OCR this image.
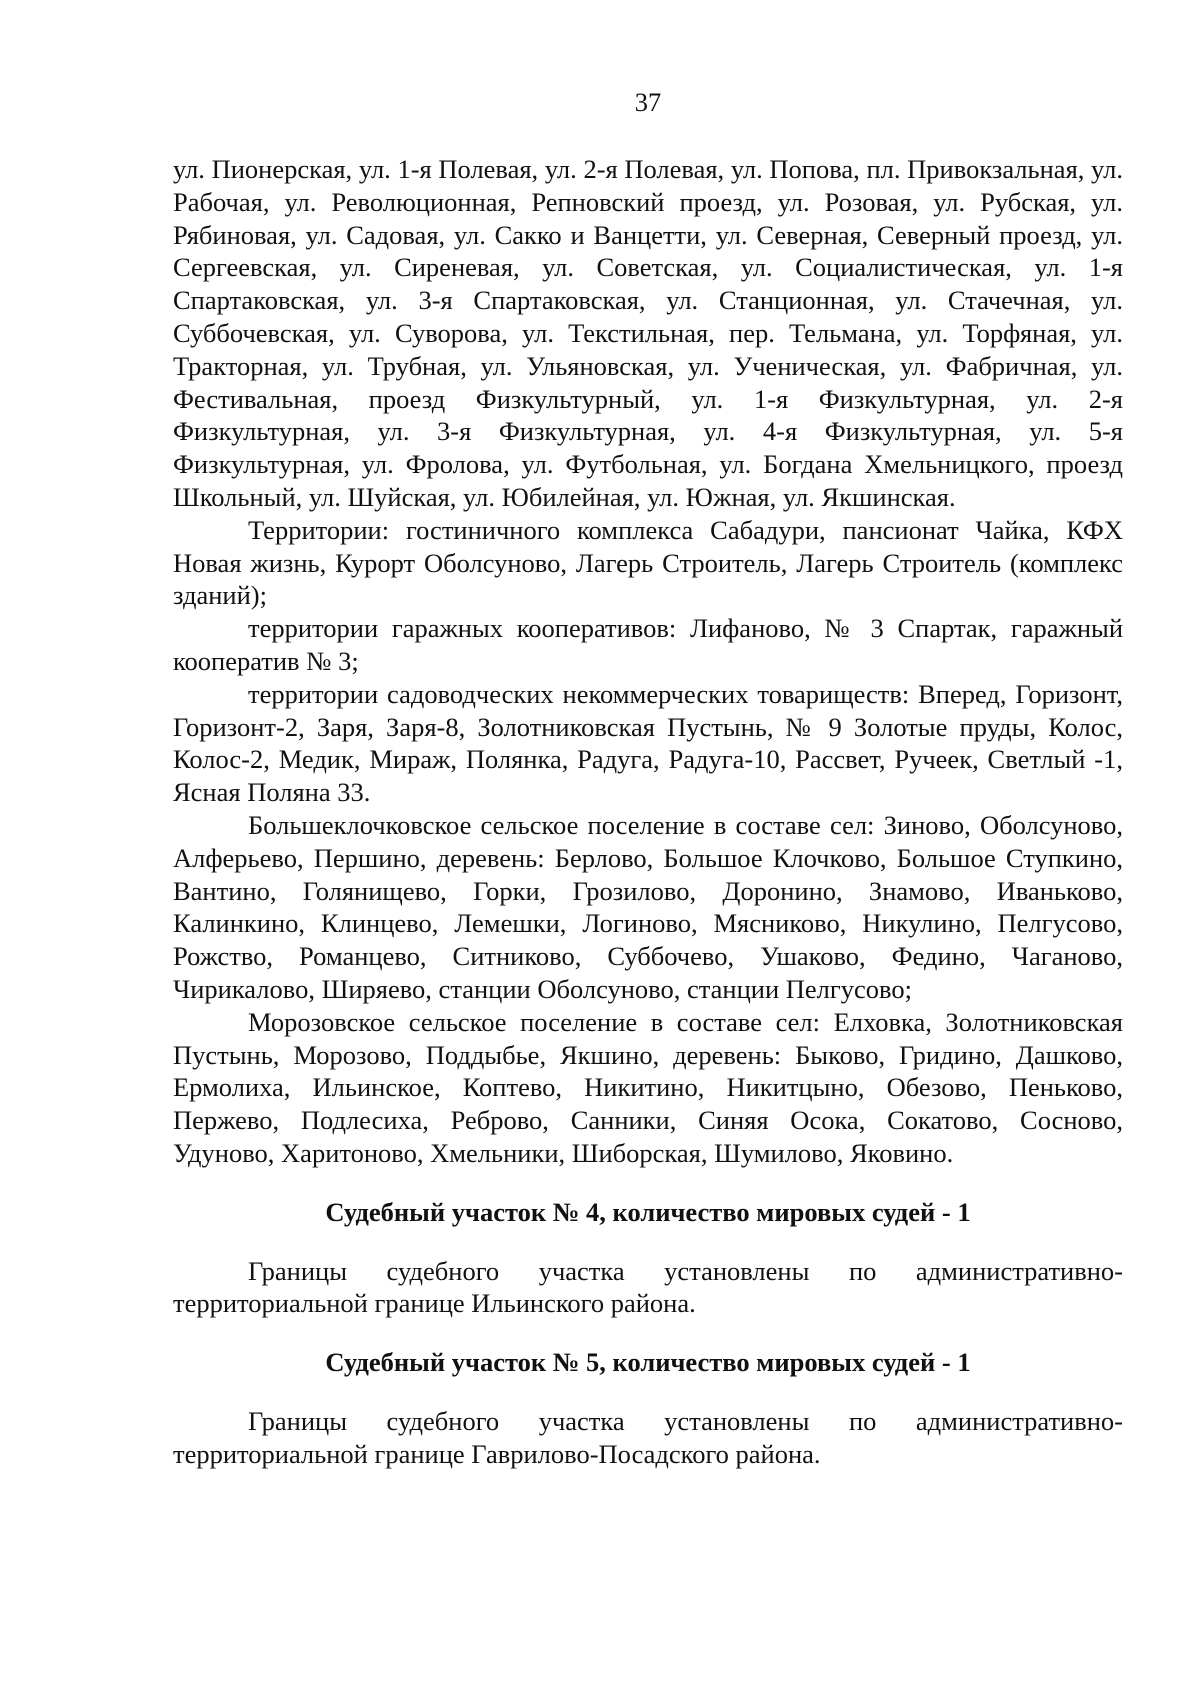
37

ул. Пионерская, ул. 1-я Полевая, ул. 2-я Полевая, ул. Попова, пл. Привокзальная, ул. Рабочая, ул. Революционная, Репновский проезд, ул. Розовая, ул. Рубская, ул. Рябиновая, ул. Садовая, ул. Сакко и Ванцетти, ул. Северная, Северный проезд, ул. Сергеевская, ул. Сиреневая, ул. Советская, ул. Социалистическая, ул. 1-я Спартаковская, ул. 3-я Спартаковская, ул. Станционная, ул. Стачечная, ул. Суббочевская, ул. Суворова, ул. Текстильная, пер. Тельмана, ул. Торфяная, ул. Тракторная, ул. Трубная, ул. Ульяновская, ул. Ученическая, ул. Фабричная, ул. Фестивальная, проезд Физкультурный, ул. 1-я Физкультурная, ул. 2-я Физкультурная, ул. 3-я Физкультурная, ул. 4-я Физкультурная, ул. 5-я Физкультурная, ул. Фролова, ул. Футбольная, ул. Богдана Хмельницкого, проезд Школьный, ул. Шуйская, ул. Юбилейная, ул. Южная, ул. Якшинская.

Территории: гостиничного комплекса Сабадури, пансионат Чайка, КФХ Новая жизнь, Курорт Оболсуново, Лагерь Строитель, Лагерь Строитель (комплекс зданий);

территории гаражных кооперативов: Лифаново, № 3 Спартак, гаражный кооператив № 3;

территории садоводческих некоммерческих товариществ: Вперед, Горизонт, Горизонт-2, Заря, Заря-8, Золотниковская Пустынь, № 9 Золотые пруды, Колос, Колос-2, Медик, Мираж, Полянка, Радуга, Радуга-10, Рассвет, Ручеек, Светлый -1, Ясная Поляна 33.

Большеклочковское сельское поселение в составе сел: Зиново, Оболсуново, Алферьево, Першино, деревень: Берлово, Большое Клочково, Большое Ступкино, Вантино, Голянищево, Горки, Грозилово, Доронино, Знамово, Иваньково, Калинкино, Клинцево, Лемешки, Логиново, Мясниково, Никулино, Пелгусово, Рожство, Романцево, Ситниково, Суббочево, Ушаково, Федино, Чаганово, Чирикалово, Ширяево, станции Оболсуново, станции Пелгусово;

Морозовское сельское поселение в составе сел: Елховка, Золотниковская Пустынь, Морозово, Поддыбье, Якшино, деревень: Быково, Гридино, Дашково, Ермолиха, Ильинское, Коптево, Никитино, Никитцыно, Обезово, Пеньково, Пержево, Подлесиха, Реброво, Санники, Синяя Осока, Сокатово, Сосново, Удуново, Харитоново, Хмельники, Шиборская, Шумилово, Яковино.

Судебный участок № 4, количество мировых судей - 1

Границы судебного участка установлены по административно-территориальной границе Ильинского района.

Судебный участок № 5, количество мировых судей - 1

Границы судебного участка установлены по административно-территориальной границе Гаврилово-Посадского района.
